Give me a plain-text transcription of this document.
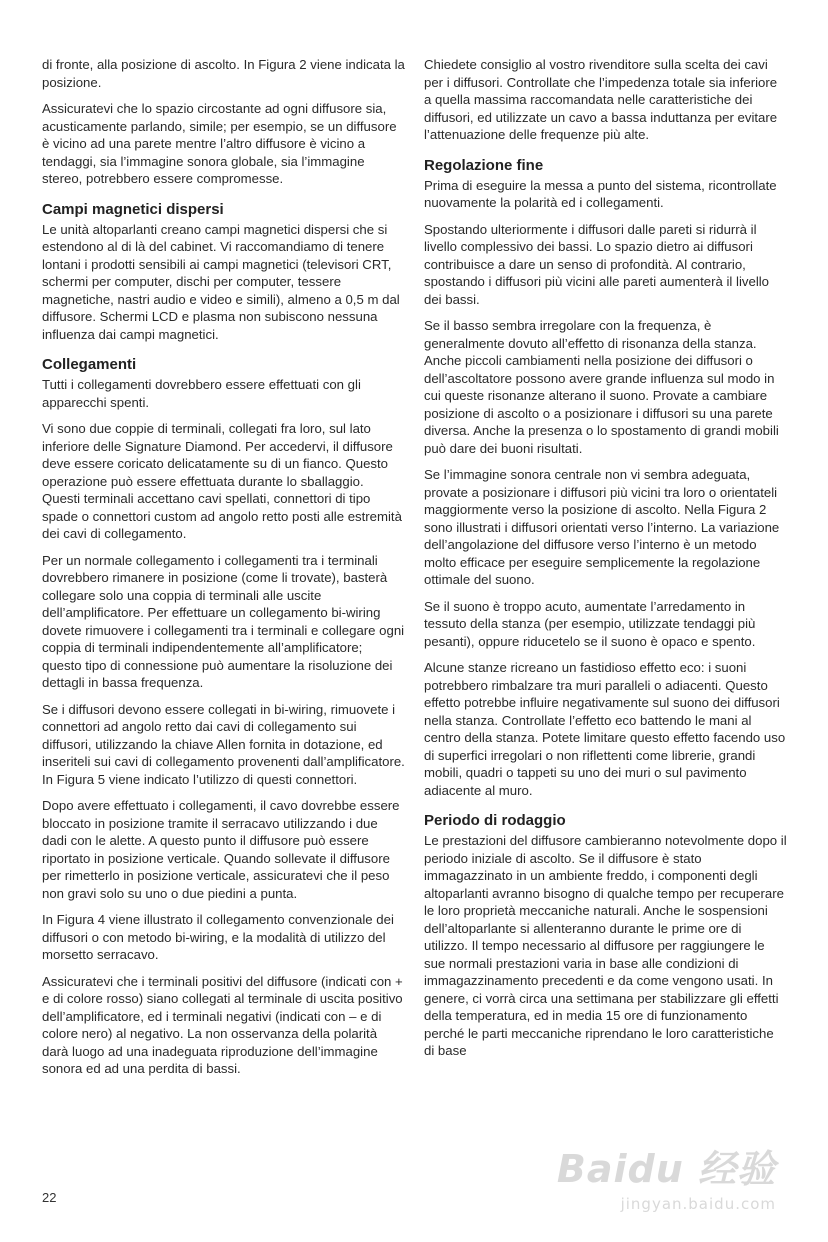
di fronte, alla posizione di ascolto. In Figura 2 viene indicata la posizione.

Assicuratevi che lo spazio circostante ad ogni diffusore sia, acusticamente parlando, simile; per esempio, se un diffusore è vicino ad una parete mentre l’altro diffusore è vicino a tendaggi, sia l’immagine sonora globale, sia l’immagine stereo, potrebbero essere compromesse.

Campi magnetici dispersi

Le unità altoparlanti creano campi magnetici dispersi che si estendono al di là del cabinet. Vi raccomandiamo di tenere lontani i prodotti sensibili ai campi magnetici (televisori CRT, schermi per computer, dischi per computer, tessere magnetiche, nastri audio e video e simili), almeno a 0,5 m dal diffusore. Schermi LCD e plasma non subiscono nessuna influenza dai campi magnetici.

Collegamenti

Tutti i collegamenti dovrebbero essere effettuati con gli apparecchi spenti.

Vi sono due coppie di terminali, collegati fra loro, sul lato inferiore delle Signature Diamond. Per accedervi, il diffusore deve essere coricato delicatamente su di un fianco. Questo operazione può essere effettuata durante lo sballaggio. Questi terminali accettano cavi spellati, connettori di tipo spade o connettori custom ad angolo retto posti alle estremità dei cavi di collegamento.

Per un normale collegamento i collegamenti tra i terminali dovrebbero rimanere in posizione (come li trovate), basterà collegare solo una coppia di terminali alle uscite dell’amplificatore. Per effettuare un collegamento bi-wiring dovete rimuovere i collegamenti tra i terminali e collegare ogni coppia di terminali indipendentemente all’amplificatore; questo tipo di connessione può aumentare la risoluzione dei dettagli in bassa frequenza.

Se i diffusori devono essere collegati in bi-wiring, rimuovete i connettori ad angolo retto dai cavi di collegamento sui diffusori, utilizzando la chiave Allen fornita in dotazione, ed inseriteli sui cavi di collegamento provenenti dall’amplificatore. In Figura 5 viene indicato l’utilizzo di questi connettori.

Dopo avere effettuato i collegamenti, il cavo dovrebbe essere bloccato in posizione tramite il serracavo utilizzando i due dadi con le alette. A questo punto il diffusore può essere riportato in posizione verticale. Quando sollevate il diffusore per rimetterlo in posizione verticale, assicuratevi che il peso non gravi solo su uno o due piedini a punta.

In Figura 4 viene illustrato il collegamento convenzionale dei diffusori o con metodo bi-wiring, e la modalità di utilizzo del morsetto serracavo.

Assicuratevi che i terminali positivi del diffusore (indicati con + e di colore rosso) siano collegati al terminale di uscita positivo dell’amplificatore, ed i terminali negativi (indicati con – e di colore nero) al negativo. La non osservanza della polarità darà luogo ad una inadeguata riproduzione dell’immagine sonora ed ad una perdita di bassi.

Chiedete consiglio al vostro rivenditore sulla scelta dei cavi per i diffusori. Controllate che l’impedenza totale sia inferiore a quella massima raccomandata nelle caratteristiche dei diffusori, ed utilizzate un cavo a bassa induttanza per evitare l’attenuazione delle frequenze più alte.

Regolazione fine

Prima di eseguire la messa a punto del sistema, ricontrollate nuovamente la polarità ed i collegamenti.

Spostando ulteriormente i diffusori dalle pareti si ridurrà il livello complessivo dei bassi. Lo spazio dietro ai diffusori contribuisce a dare un senso di profondità. Al contrario, spostando i diffusori più vicini alle pareti aumenterà il livello dei bassi.

Se il basso sembra irregolare con la frequenza, è generalmente dovuto all’effetto di risonanza della stanza. Anche piccoli cambiamenti nella posizione dei diffusori o dell’ascoltatore possono avere grande influenza sul modo in cui queste risonanze alterano il suono. Provate a cambiare posizione di ascolto o a posizionare i diffusori su una parete diversa. Anche la presenza o lo spostamento di grandi mobili può dare dei buoni risultati.

Se l’immagine sonora centrale non vi sembra adeguata, provate a posizionare i diffusori più vicini tra loro o orientateli maggiormente verso la posizione di ascolto. Nella Figura 2 sono illustrati i diffusori orientati verso l’interno. La variazione dell’angolazione del diffusore verso l’interno è un metodo molto efficace per eseguire semplicemente la regolazione ottimale del suono.

Se il suono è troppo acuto, aumentate l’arredamento in tessuto della stanza (per esempio, utilizzate tendaggi più pesanti), oppure riducetelo se il suono è opaco e spento.

Alcune stanze ricreano un fastidioso effetto eco: i suoni potrebbero rimbalzare tra muri paralleli o adiacenti. Questo effetto potrebbe influire negativamente sul suono dei diffusori nella stanza. Controllate l’effetto eco battendo le mani al centro della stanza. Potete limitare questo effetto facendo uso di superfici irregolari o non riflettenti come librerie, grandi mobili, quadri o tappeti su uno dei muri o sul pavimento adiacente al muro.

Periodo di rodaggio

Le prestazioni del diffusore cambieranno notevolmente dopo il periodo iniziale di ascolto. Se il diffusore è stato immagazzinato in un ambiente freddo, i componenti degli altoparlanti avranno bisogno di qualche tempo per recuperare le loro proprietà meccaniche naturali. Anche le sospensioni dell’altoparlante si allenteranno durante le prime ore di utilizzo. Il tempo necessario al diffusore per raggiungere le sue normali prestazioni varia in base alle condizioni di immagazzinamento precedenti e da come vengono usati. In genere, ci vorrà circa una settimana per stabilizzare gli effetti della temperatura, ed in media 15 ore di funzionamento perché le parti meccaniche riprendano le loro caratteristiche di base

22
Baidu 经验
jingyan.baidu.com
